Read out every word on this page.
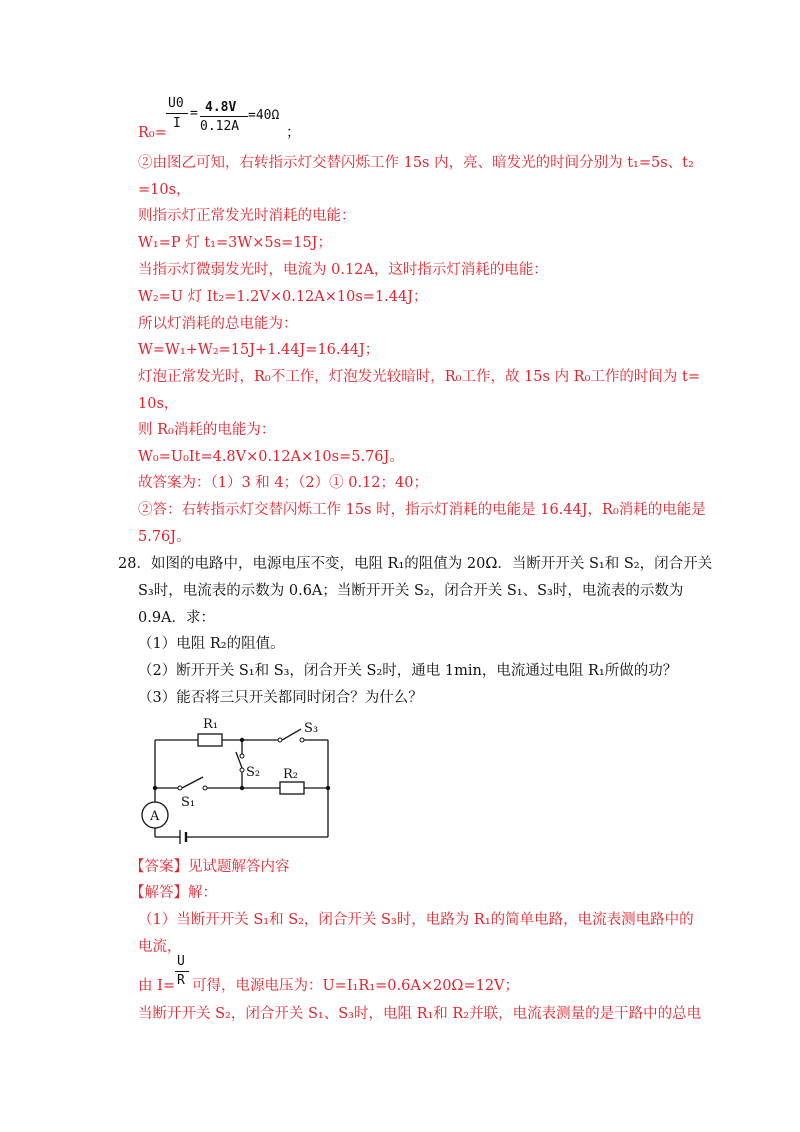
U0
I
= 4.8V
0.12A
=40Ω
R₀=	；
②由图乙可知，右转指示灯交替闪烁工作 15s 内，亮、暗发光的时间分别为 t₁=5s、t₂
=10s，
则指示灯正常发光时消耗的电能：
W₁=P 灯 t₁=3W×5s=15J；
当指示灯微弱发光时，电流为 0.12A，这时指示灯消耗的电能：
W₂=U 灯 It₂=1.2V×0.12A×10s=1.44J；
所以灯消耗的总电能为：
W=W₁+W₂=15J+1.44J=16.44J；
灯泡正常发光时，R₀不工作，灯泡发光较暗时，R₀工作，故 15s 内 R₀工作的时间为 t=
10s，
则 R₀消耗的电能为：
W₀=U₀It=4.8V×0.12A×10s=5.76J。
故答案为：（1）3 和 4；（2）① 0.12；40；
②答：右转指示灯交替闪烁工作 15s 时，指示灯消耗的电能是 16.44J，R₀消耗的电能是
5.76J。
28．如图的电路中，电源电压不变，电阻 R₁的阻值为 20Ω．当断开开关 S₁和 S₂，闭合开关
S₃时，电流表的示数为 0.6A；当断开开关 S₂，闭合开关 S₁、S₃时，电流表的示数为
0.9A．求：
（1）电阻 R₂的阻值。
（2）断开开关 S₁和 S₃，闭合开关 S₂时，通电 1min，电流通过电阻 R₁所做的功？
（3）能否将三只开关都同时闭合？为什么？
R₁	S₃
S₂ R₂
S₁
A
【答案】见试题解答内容
【解答】解：
（1）当断开开关 S₁和 S₂，闭合开关 S₃时，电路为 R₁的简单电路，电流表测电路中的
电流，
U
R
由 I= 可得，电源电压为：U=I₁R₁=0.6A×20Ω=12V；
当断开开关 S₂，闭合开关 S₁、S₃时，电阻 R₁和 R₂并联，电流表测量的是干路中的总电
